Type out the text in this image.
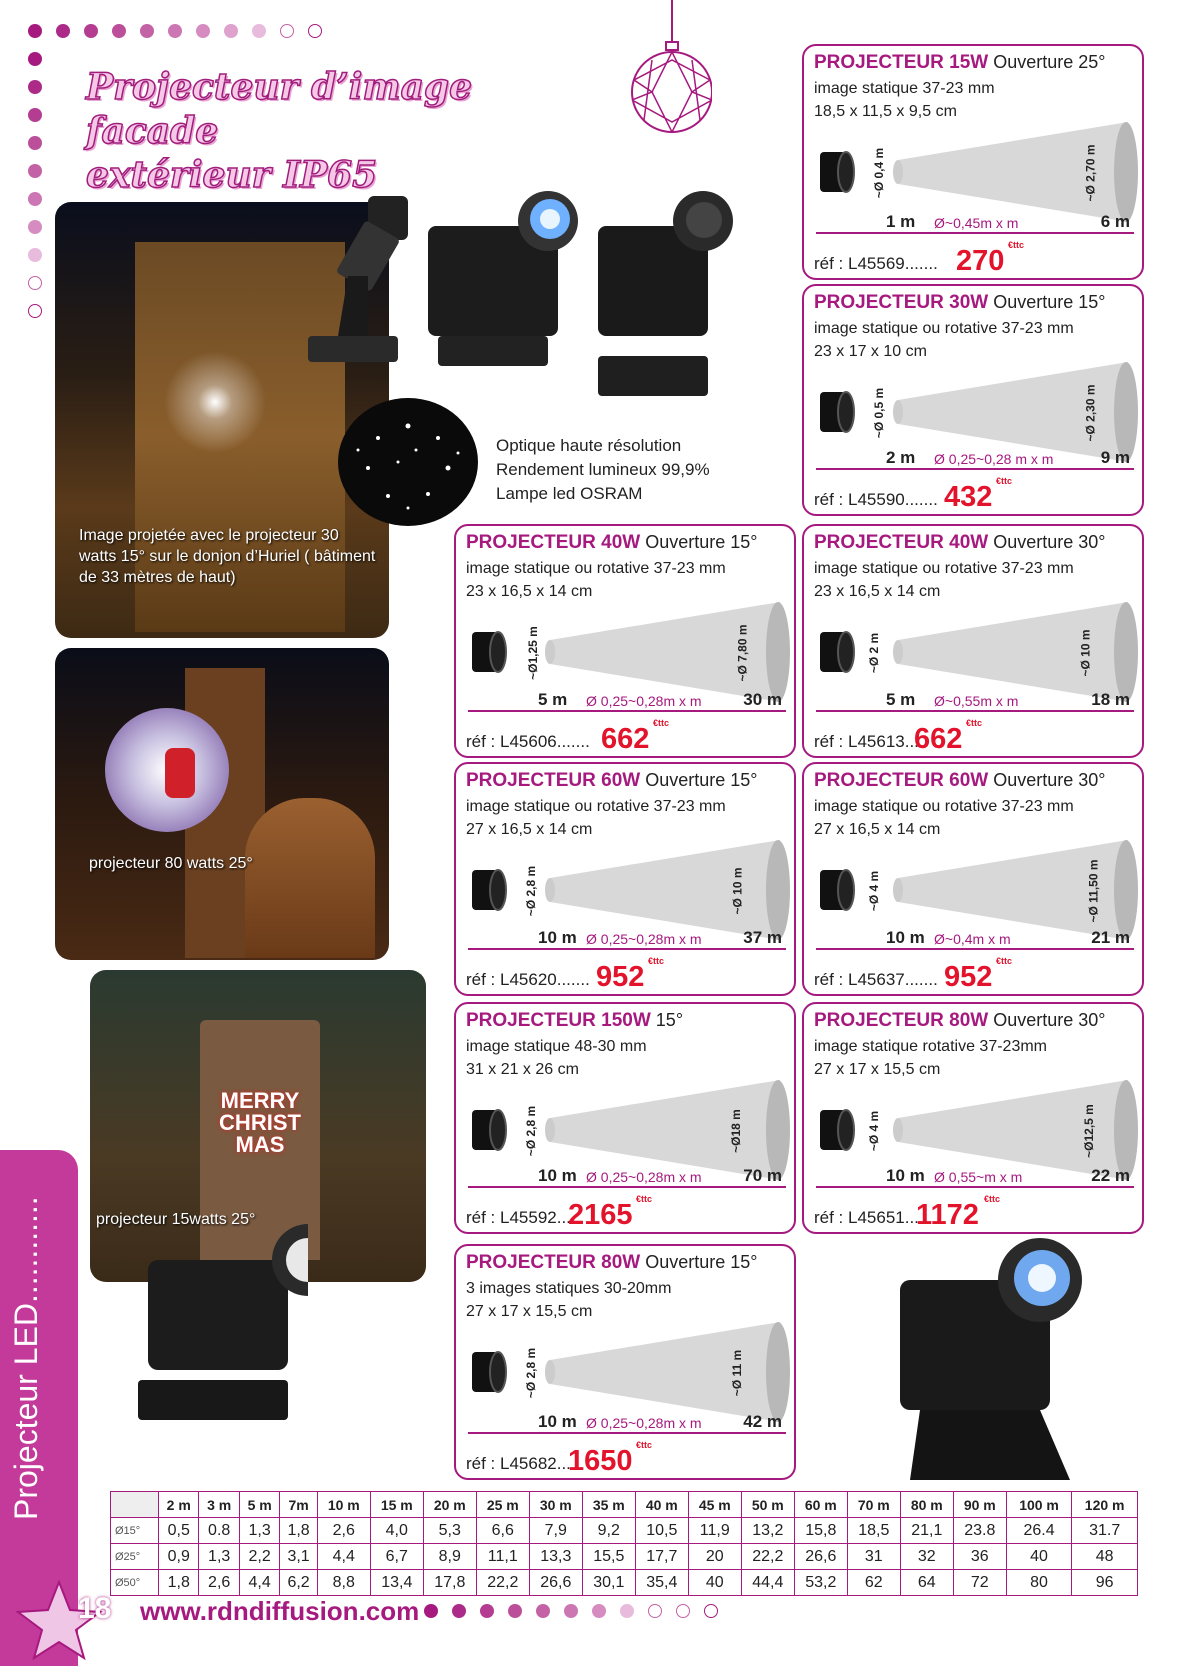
Projecteur d’image facade
extérieur IP65
Image projetée avec le projecteur 30 watts 15° sur le donjon d’Huriel ( bâtiment de 33 mètres de haut)
Optique haute résolution
Rendement lumineux 99,9%
Lampe led OSRAM
projecteur 80 watts 25°
MERRY CHRIST MAS
projecteur 15watts 25°
PROJECTEUR 15W Ouverture 25°
image statique 37-23 mm
18,5 x 11,5 x 9,5 cm
~Ø 0,4 m	~Ø 2,70 m
1 m Ø~0,45m x m	6 m
réf : L45569....... 270 €ttc
PROJECTEUR 30W Ouverture 15°
image statique ou rotative 37-23 mm
23 x 17 x 10 cm
~Ø 0,5 m	~Ø 2,30 m
2 m Ø 0,25~0,28 m x m	9 m
réf : L45590....... 432 €ttc
PROJECTEUR 40W Ouverture 15°
image statique ou rotative 37-23 mm
23 x 16,5 x 14 cm
~Ø1,25 m	~Ø 7,80 m
5 m Ø 0,25~0,28m x m 30 m
réf : L45606....... 662 €ttc
PROJECTEUR 40W Ouverture 30°
image statique ou rotative 37-23 mm
23 x 16,5 x 14 cm
~Ø 2 m	~Ø 10 m
5 m Ø~0,55m x m	18 m
réf : L45613....
662 €ttc
PROJECTEUR 60W Ouverture 15°
image statique ou rotative 37-23 mm
27 x 16,5 x 14 cm
~Ø 2,8 m	~Ø 10 m
10 m Ø 0,25~0,28m x m 37 m
réf : L45620....... 952 €ttc
PROJECTEUR 60W Ouverture 30°
image statique ou rotative 37-23 mm
27 x 16,5 x 14 cm
~Ø 4 m	~Ø 11,50 m
10 m Ø~0,4m x m	21 m
réf : L45637....... 952 €ttc
PROJECTEUR 150W 15°
image statique 48-30 mm
31 x 21 x 26 cm
~Ø 2,8 m	~Ø18 m
10 m Ø 0,25~0,28m x m 70 m
réf : L45592...
2165 €ttc
PROJECTEUR 80W Ouverture 30°
image statique rotative 37-23mm
27 x 17 x 15,5 cm
~Ø 4 m	~Ø12,5 m
10 m Ø 0,55~m x m	22 m
réf : L45651...
1172 €ttc
PROJECTEUR 80W Ouverture 15°
3 images statiques 30-20mm
27 x 17 x 15,5 cm
~Ø 2,8 m	~Ø 11 m
10 m Ø 0,25~0,28m x m 42 m
réf : L45682...
1650 €ttc
	2 m	3 m	5 m	7m	10 m	15 m	20 m	25 m	30 m	35 m	40 m	45 m	50 m	60 m	70 m	80 m	90 m	100 m	120 m
Ø15°	0,5	0.8	1,3	1,8	2,6	4,0	5,3	6,6	7,9	9,2	10,5	11,9	13,2	15,8	18,5	21,1	23.8	26.4	31.7
Ø25°	0,9	1,3	2,2	3,1	4,4	6,7	8,9	11,1	13,3	15,5	17,7	20	22,2	26,6	31	32	36	40	48
Ø50°	1,8	2,6	4,4	6,2	8,8	13,4	17,8	22,2	26,6	30,1	35,4	40	44,4	53,2	62	64	72	80	96
Projecteur LED............
18 www.rdndiffusion.com
